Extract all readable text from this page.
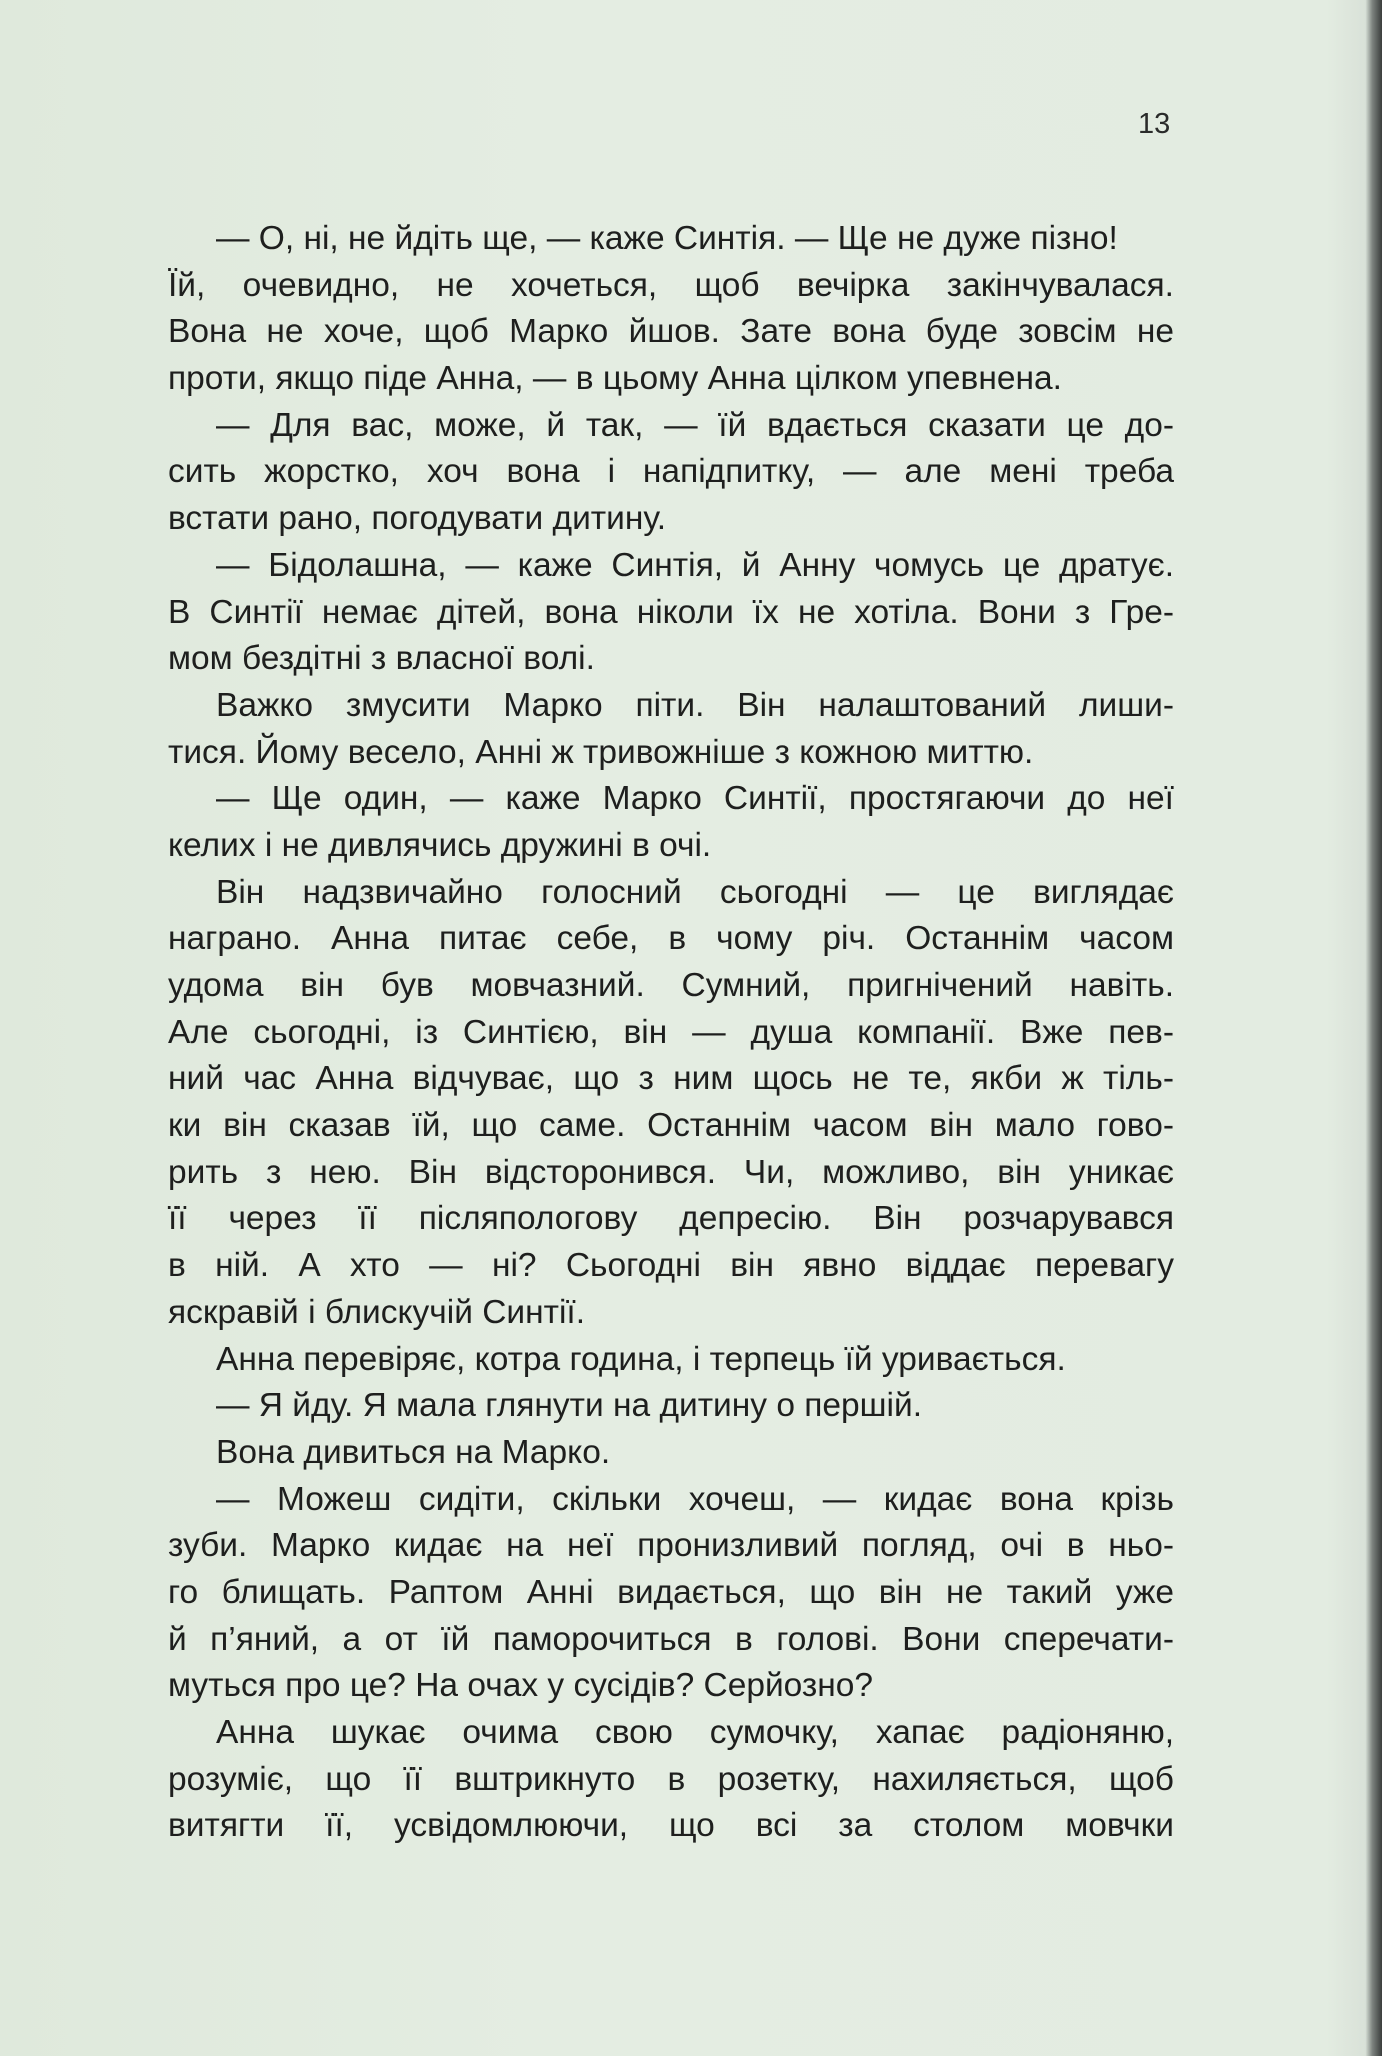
13
— О, ні, не йдіть ще, — каже Синтія. — Ще не дуже пізно!
Їй, очевидно, не хочеться, щоб вечірка закінчувалася.
Вона не хоче, щоб Марко йшов. Зате вона буде зовсім не
проти, якщо піде Анна, — в цьому Анна цілком упевнена.
— Для вас, може, й так, — їй вдається сказати це до-
сить жорстко, хоч вона і напідпитку, — але мені треба
встати рано, погодувати дитину.
— Бідолашна, — каже Синтія, й Анну чомусь це дратує.
В Синтії немає дітей, вона ніколи їх не хотіла. Вони з Гре-
мом бездітні з власної волі.
Важко змусити Марко піти. Він налаштований лиши-
тися. Йому весело, Анні ж тривожніше з кожною миттю.
— Ще один, — каже Марко Синтії, простягаючи до неї
келих і не дивлячись дружині в очі.
Він надзвичайно голосний сьогодні — це виглядає
награно. Анна питає себе, в чому річ. Останнім часом
удома він був мовчазний. Сумний, пригнічений навіть.
Але сьогодні, із Синтією, він — душа компанії. Вже пев-
ний час Анна відчуває, що з ним щось не те, якби ж тіль-
ки він сказав їй, що саме. Останнім часом він мало гово-
рить з нею. Він відсторонився. Чи, можливо, він уникає
її через її післяпологову депресію. Він розчарувався
в ній. А хто — ні? Сьогодні він явно віддає перевагу
яскравій і блискучій Синтії.
Анна перевіряє, котра година, і терпець їй уривається.
— Я йду. Я мала глянути на дитину о першій.
Вона дивиться на Марко.
— Можеш сидіти, скільки хочеш, — кидає вона крізь
зуби. Марко кидає на неї пронизливий погляд, очі в ньо-
го блищать. Раптом Анні видається, що він не такий уже
й п’яний, а от їй паморочиться в голові. Вони сперечати-
муться про це? На очах у сусідів? Серйозно?
Анна шукає очима свою сумочку, хапає радіоняню,
розуміє, що її вштрикнуто в розетку, нахиляється, щоб
витягти її, усвідомлюючи, що всі за столом мовчки
